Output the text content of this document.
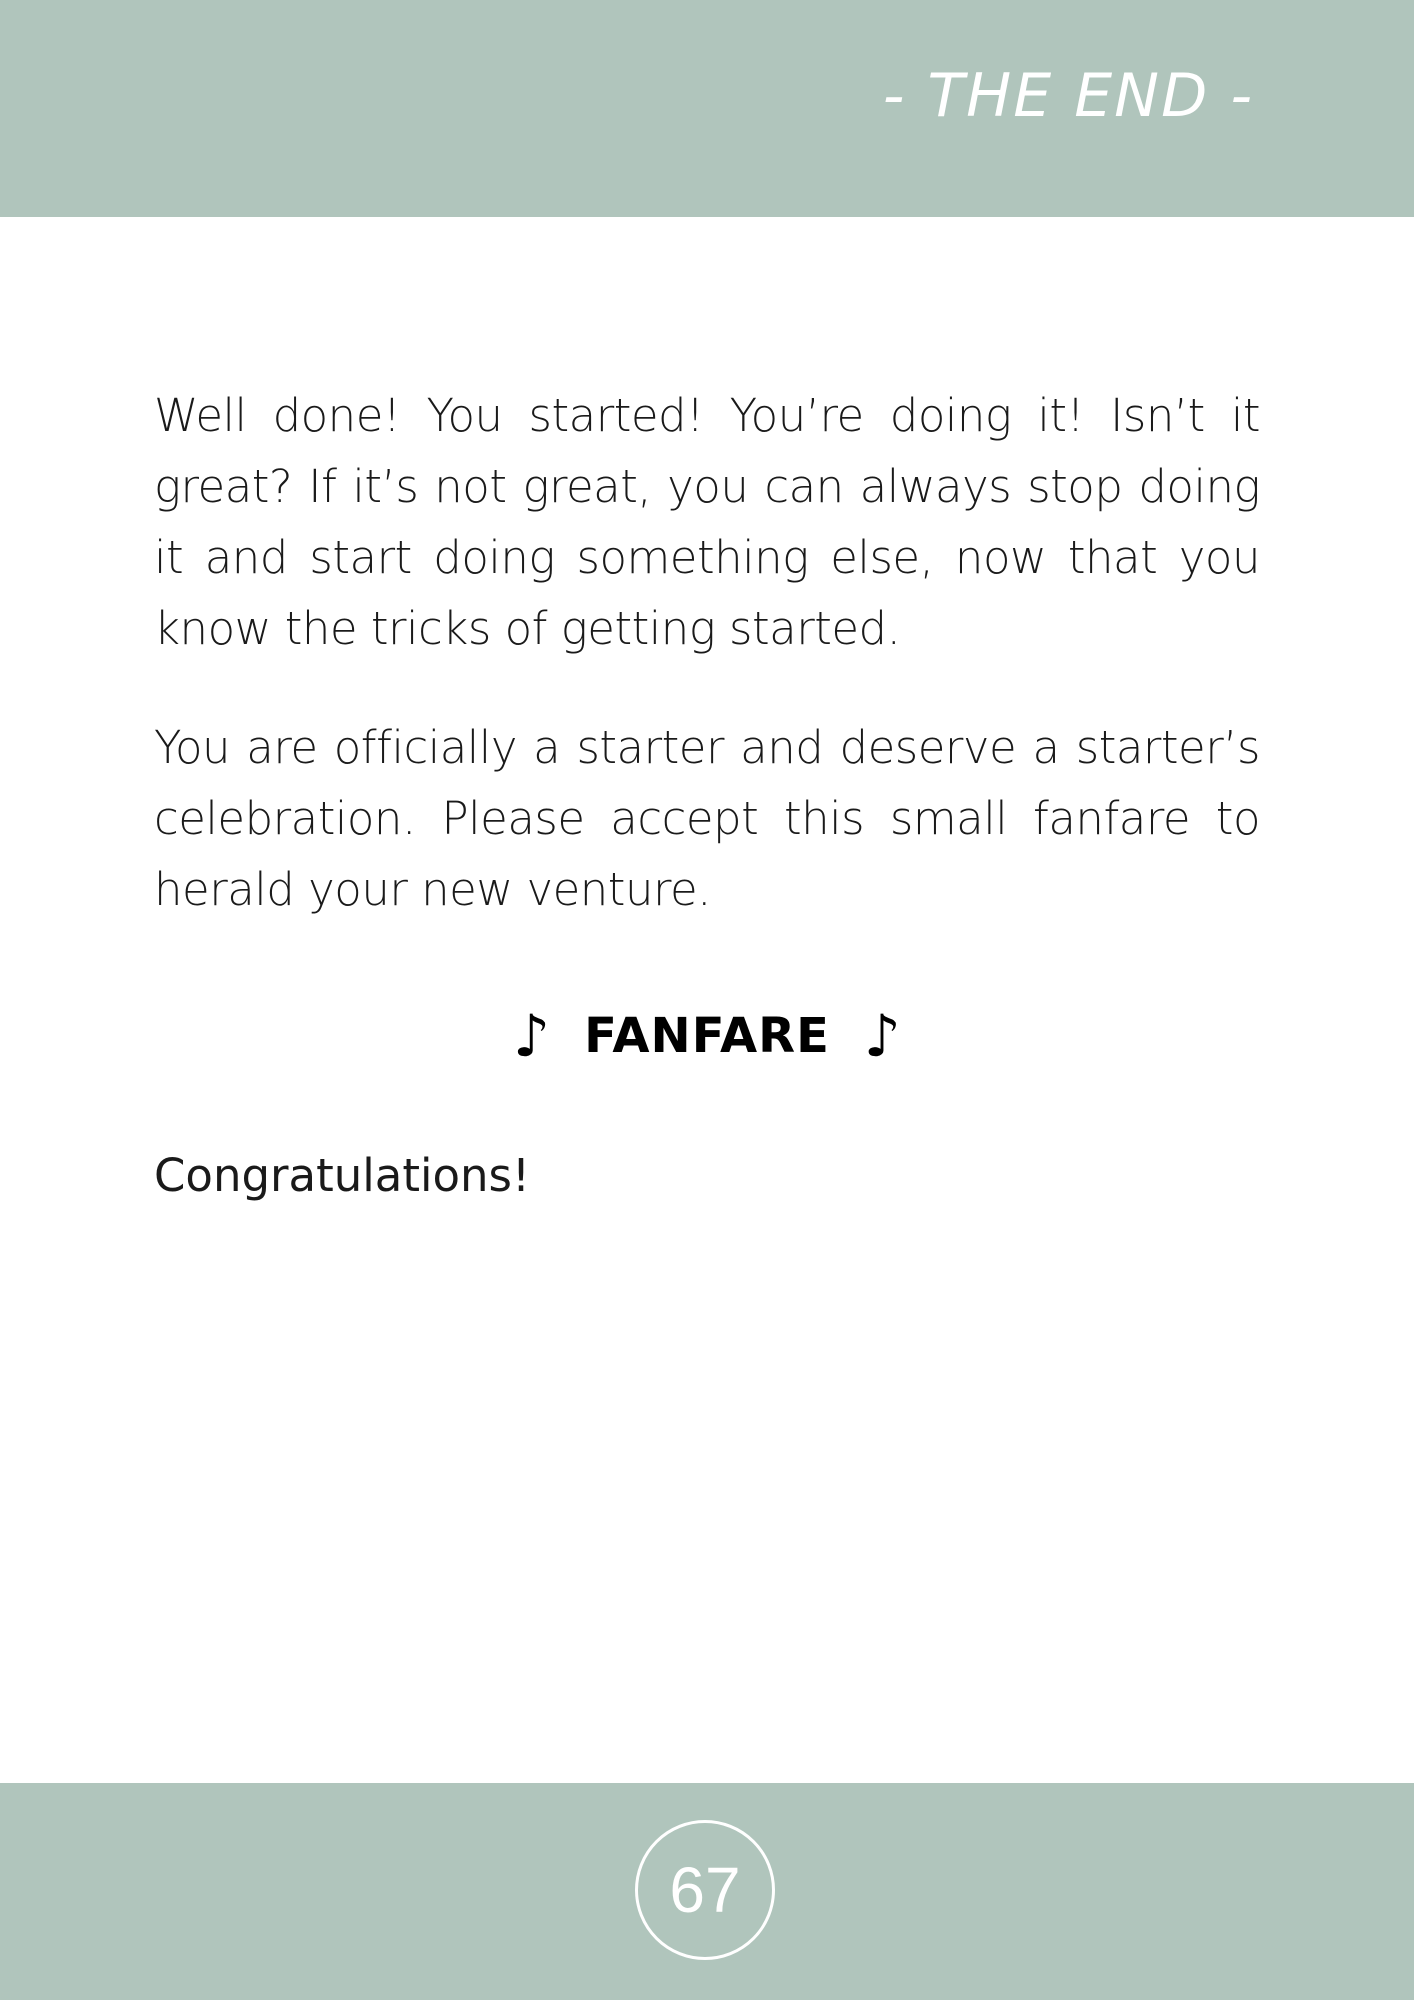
- THE END -

Well done! You started! You’re doing it! Isn’t it great? If it’s not great, you can always stop doing it and start doing something else, now that you know the tricks of getting started.

You are officially a starter and deserve a starter’s celebration. Please accept this small fanfare to herald your new venture.

♪ FANFARE ♪
Congratulations!
67
